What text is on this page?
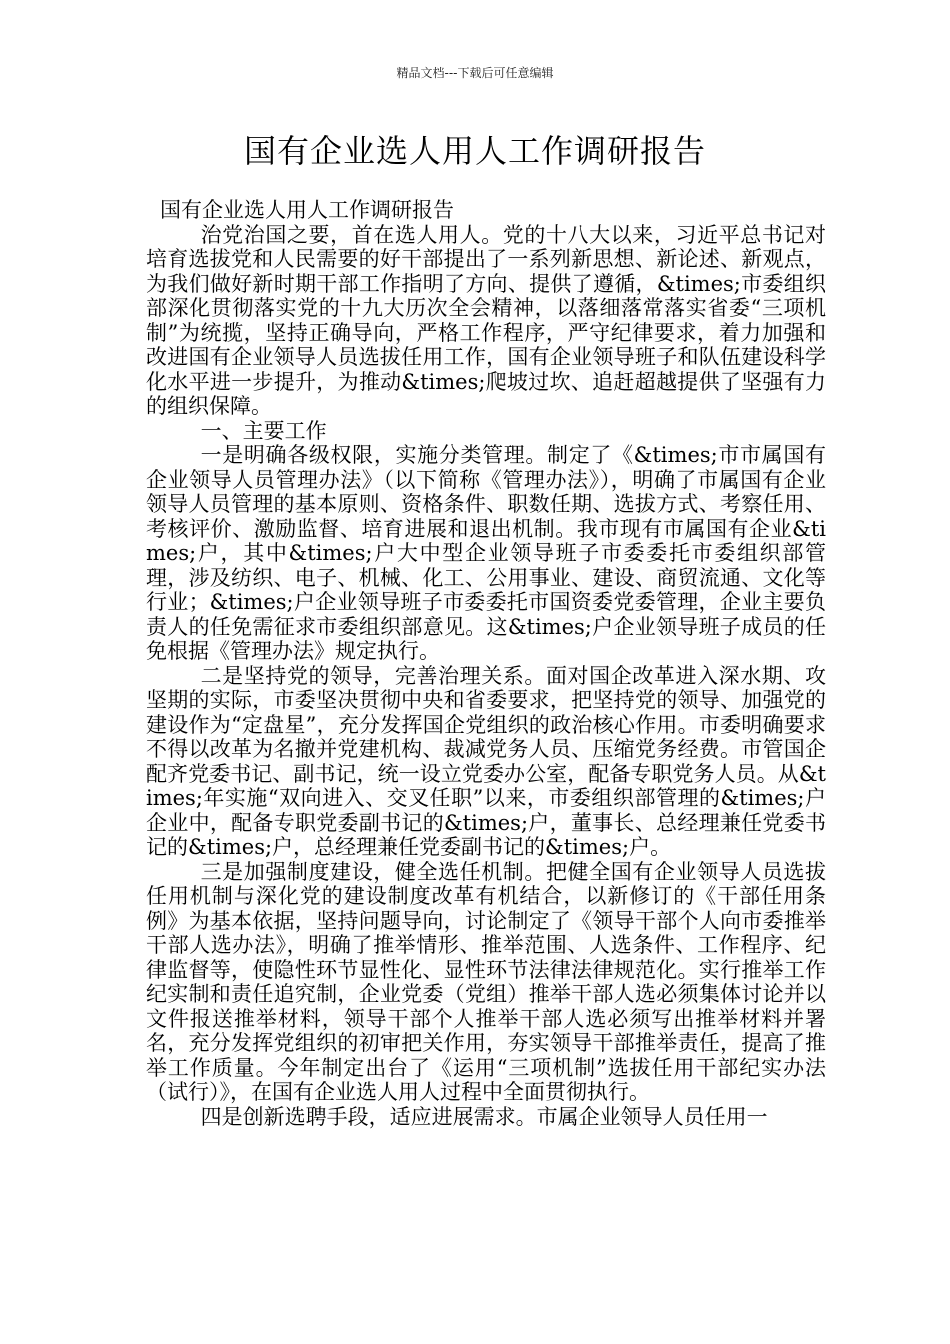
精品文档---下载后可任意编辑
国有企业选人用人工作调研报告

国有企业选人用人工作调研报告

治党治国之要，首在选人用人。党的十八大以来，习近平总书记对培育选拔党和人民需要的好干部提出了一系列新思想、新论述、新观点，为我们做好新时期干部工作指明了方向、提供了遵循，&times;市委组织部深化贯彻落实党的十九大历次全会精神，以落细落常落实省委“三项机制”为统揽，坚持正确导向，严格工作程序，严守纪律要求，着力加强和改进国有企业领导人员选拔任用工作，国有企业领导班子和队伍建设科学化水平进一步提升，为推动&times;爬坡过坎、追赶超越提供了坚强有力的组织保障。

一、主要工作

一是明确各级权限，实施分类管理。制定了《&times;市市属国有企业领导人员管理办法》（以下简称《管理办法》），明确了市属国有企业领导人员管理的基本原则、资格条件、职数任期、选拔方式、考察任用、考核评价、激励监督、培育进展和退出机制。我市现有市属国有企业&times;户，其中&times;户大中型企业领导班子市委委托市委组织部管理，涉及纺织、电子、机械、化工、公用事业、建设、商贸流通、文化等行业；&times;户企业领导班子市委委托市国资委党委管理，企业主要负责人的任免需征求市委组织部意见。这&times;户企业领导班子成员的任免根据《管理办法》规定执行。

二是坚持党的领导，完善治理关系。面对国企改革进入深水期、攻坚期的实际，市委坚决贯彻中央和省委要求，把坚持党的领导、加强党的建设作为“定盘星”，充分发挥国企党组织的政治核心作用。市委明确要求不得以改革为名撤并党建机构、裁减党务人员、压缩党务经费。市管国企配齐党委书记、副书记，统一设立党委办公室，配备专职党务人员。从&times;年实施“双向进入、交叉任职”以来，市委组织部管理的&times;户企业中，配备专职党委副书记的&times;户，董事长、总经理兼任党委书记的&times;户，总经理兼任党委副书记的&times;户。

三是加强制度建设，健全选任机制。把健全国有企业领导人员选拔任用机制与深化党的建设制度改革有机结合，以新修订的《干部任用条例》为基本依据，坚持问题导向，讨论制定了《领导干部个人向市委推举干部人选办法》，明确了推举情形、推举范围、人选条件、工作程序、纪律监督等，使隐性环节显性化、显性环节法律法律规范化。实行推举工作纪实制和责任追究制，企业党委（党组）推举干部人选必须集体讨论并以文件报送推举材料，领导干部个人推举干部人选必须写出推举材料并署名，充分发挥党组织的初审把关作用，夯实领导干部推举责任，提高了推举工作质量。今年制定出台了《运用“三项机制”选拔任用干部纪实办法（试行）》，在国有企业选人用人过程中全面贯彻执行。

四是创新选聘手段，适应进展需求。市属企业领导人员任用一
